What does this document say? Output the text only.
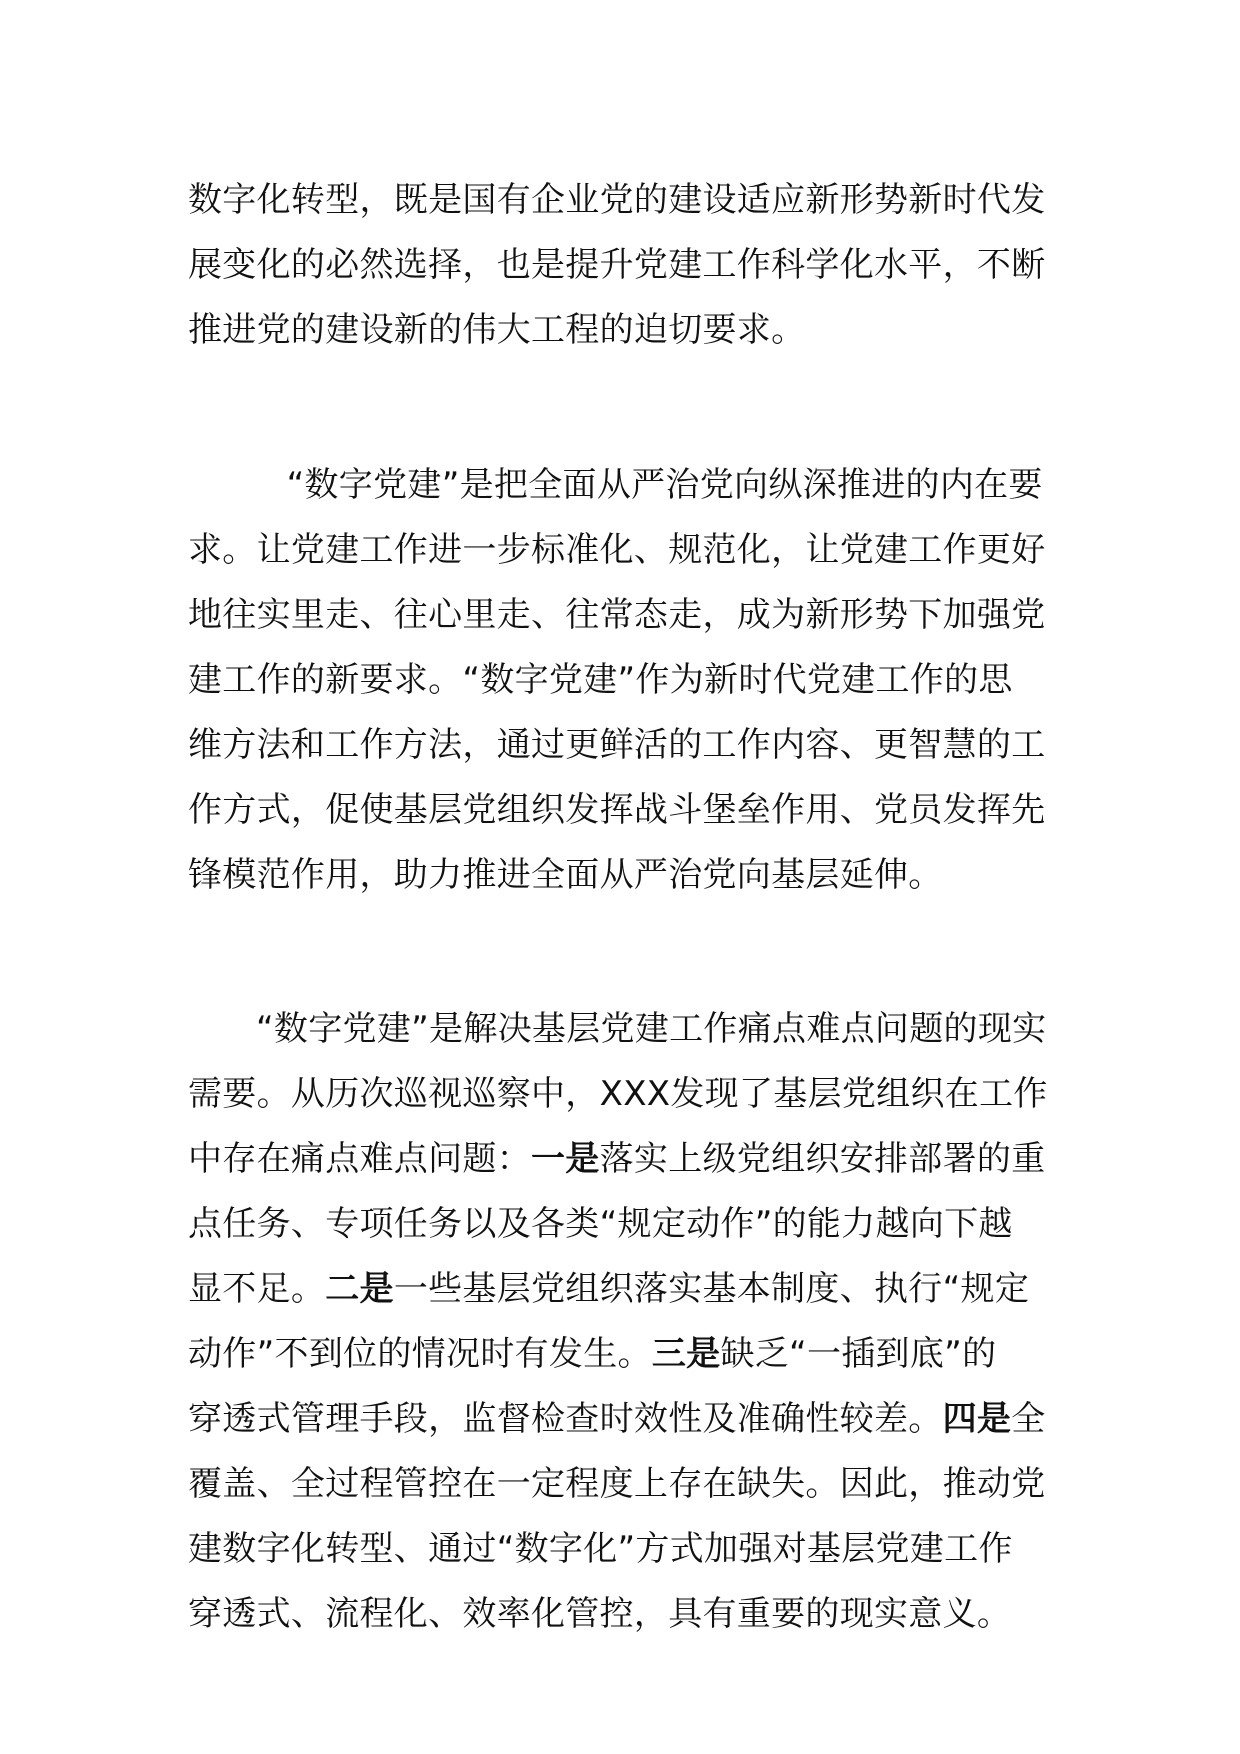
数字化转型，既是国有企业党的建设适应新形势新时代发
展变化的必然选择，也是提升党建工作科学化水平，不断
推进党的建设新的伟大工程的迫切要求。

“数字党建”是把全面从严治党向纵深推进的内在要
求。让党建工作进一步标准化、规范化，让党建工作更好
地往实里走、往心里走、往常态走，成为新形势下加强党
建工作的新要求。“数字党建”作为新时代党建工作的思
维方法和工作方法，通过更鲜活的工作内容、更智慧的工
作方式，促使基层党组织发挥战斗堡垒作用、党员发挥先
锋模范作用，助力推进全面从严治党向基层延伸。

“数字党建”是解决基层党建工作痛点难点问题的现实
需要。从历次巡视巡察中，XXX发现了基层党组织在工作
中存在痛点难点问题：一是落实上级党组织安排部署的重
点任务、专项任务以及各类“规定动作”的能力越向下越
显不足。二是一些基层党组织落实基本制度、执行“规定
动作”不到位的情况时有发生。三是缺乏“一插到底”的
穿透式管理手段，监督检查时效性及准确性较差。四是全
覆盖、全过程管控在一定程度上存在缺失。因此，推动党
建数字化转型、通过“数字化”方式加强对基层党建工作
穿透式、流程化、效率化管控，具有重要的现实意义。
